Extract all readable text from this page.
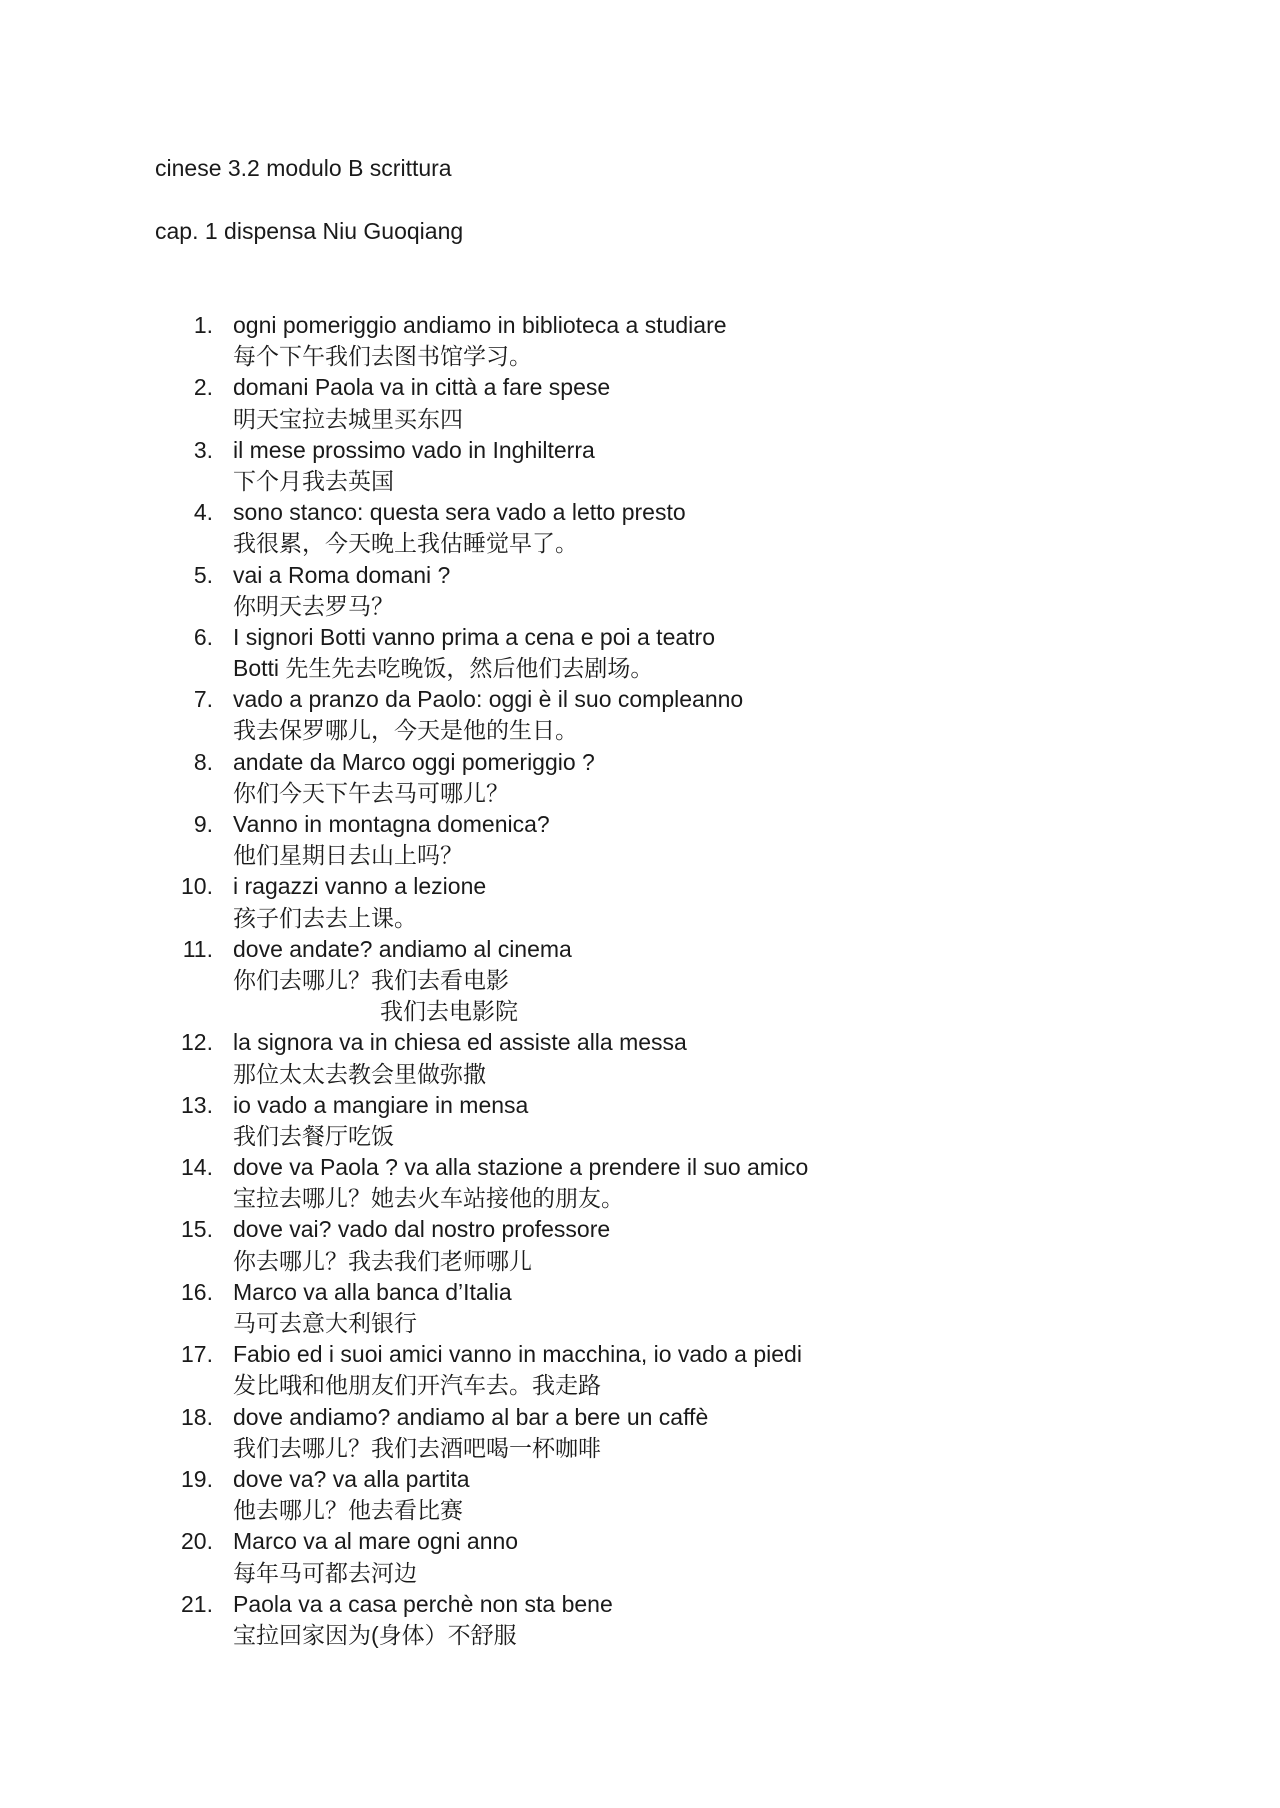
cinese 3.2 modulo B scrittura
cap. 1 dispensa Niu Guoqiang
1. ogni pomeriggio andiamo in biblioteca a studiare
每个下午我们去图书馆学习。
2. domani Paola va in città a fare spese
明天宝拉去城里买东四
3. il mese prossimo vado in Inghilterra
下个月我去英国
4. sono stanco: questa sera vado a letto presto
我很累，今天晚上我估睡觉早了。
5. vai a Roma domani ?
你明天去罗马？
6. I signori Botti vanno prima a cena e poi a teatro
Botti 先生先去吃晚饭，然后他们去剧场。
7. vado a pranzo da Paolo: oggi è il suo compleanno
我去保罗哪儿，今天是他的生日。
8. andate da Marco oggi pomeriggio ?
你们今天下午去马可哪儿？
9. Vanno in montagna domenica?
他们星期日去山上吗？
10. i ragazzi vanno a lezione
孩子们去去上课。
11. dove andate? andiamo al cinema
你们去哪儿？我们去看电影
我们去电影院
12. la signora va in chiesa ed assiste alla messa
那位太太去教会里做弥撒
13. io vado a mangiare in mensa
我们去餐厅吃饭
14. dove va Paola ? va alla stazione a prendere il suo amico
宝拉去哪儿？她去火车站接他的朋友。
15. dove vai? vado dal nostro professore
你去哪儿？我去我们老师哪儿
16. Marco va alla banca d’Italia
马可去意大利银行
17. Fabio ed i suoi amici vanno in macchina, io vado a piedi
发比哦和他朋友们开汽车去。我走路
18. dove andiamo? andiamo al bar a bere un caffè
我们去哪儿？我们去酒吧喝一杯咖啡
19. dove va? va alla partita
他去哪儿？他去看比赛
20. Marco va al mare ogni anno
每年马可都去河边
21. Paola va a casa perchè non sta bene
宝拉回家因为(身体）不舒服
